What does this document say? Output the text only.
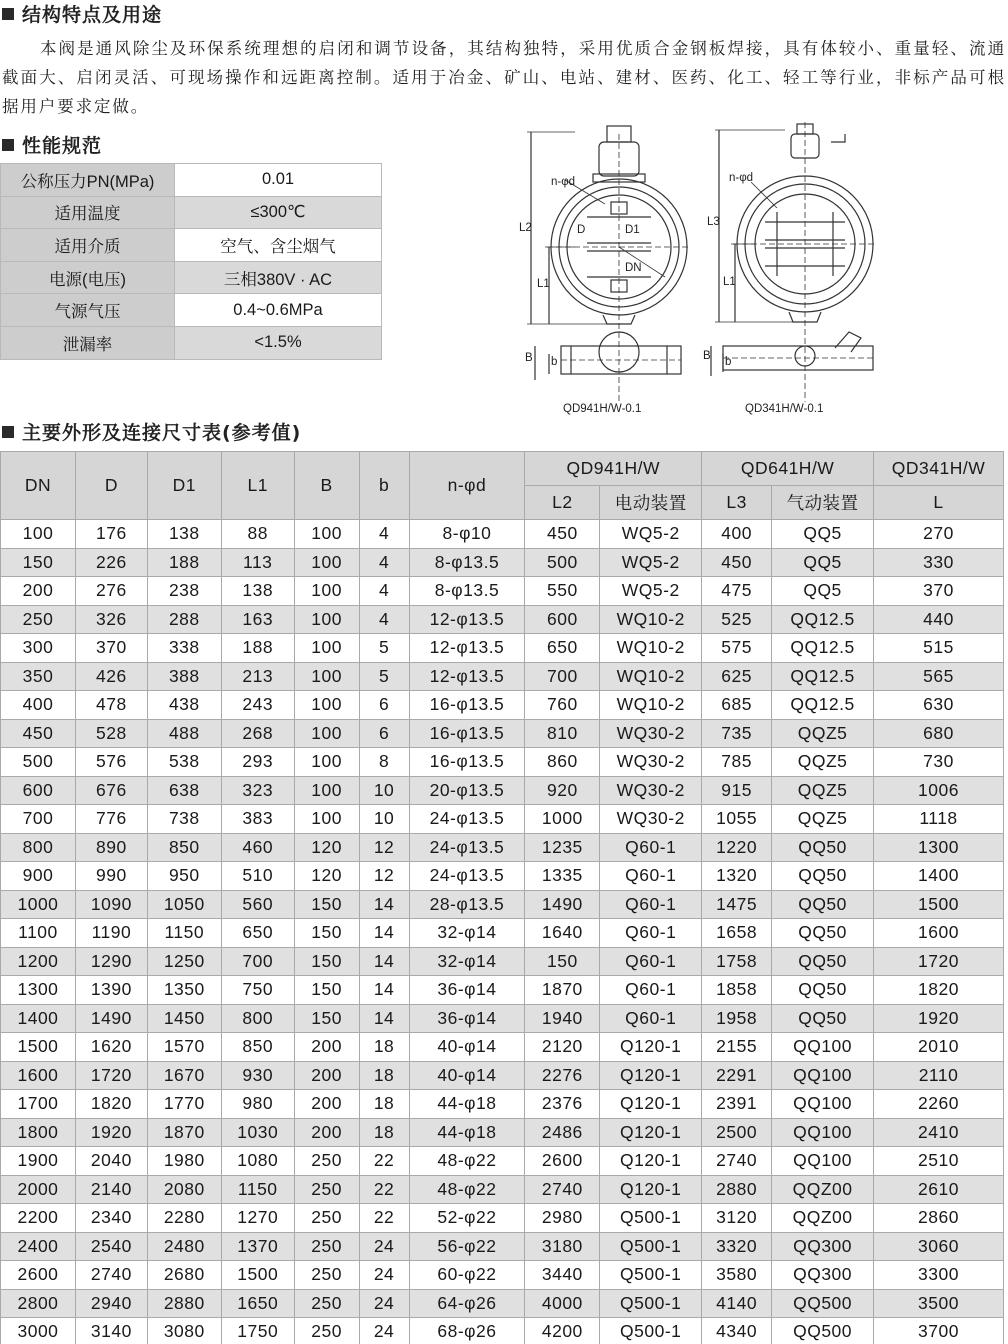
结构特点及用途

本阀是通风除尘及环保系统理想的启闭和调节设备，其结构独特，采用优质合金钢板焊接，具有体较小、重量轻、流通截面大、启闭灵活、可现场操作和远距离控制。适用于冶金、矿山、电站、建材、医药、化工、轻工等行业，非标产品可根据用户要求定做。

性能规范
公称压力PN(MPa)	0.01
适用温度	≤300℃
适用介质	空气、含尘烟气
电源(电压)	三相380V · AC
气源气压	0.4~0.6MPa
泄漏率	<1.5%
n-φd
D	D1
DN
L2
L1
n-φd
L3
L1
B b	B b
QD941H/W-0.1	QD341H/W-0.1
主要外形及连接尺寸表(参考值)
DN	D	D1	L1	B	b	n-φd	QD941H/W		QD641H/W		QD341H/W
							L2	电动装置	L3	气动装置	L
100	176	138	88	100	4	8-φ10	450	WQ5-2	400	QQ5	270
150	226	188	113	100	4	8-φ13.5	500	WQ5-2	450	QQ5	330
200	276	238	138	100	4	8-φ13.5	550	WQ5-2	475	QQ5	370
250	326	288	163	100	4	12-φ13.5	600	WQ10-2	525	QQ12.5	440
300	370	338	188	100	5	12-φ13.5	650	WQ10-2	575	QQ12.5	515
350	426	388	213	100	5	12-φ13.5	700	WQ10-2	625	QQ12.5	565
400	478	438	243	100	6	16-φ13.5	760	WQ10-2	685	QQ12.5	630
450	528	488	268	100	6	16-φ13.5	810	WQ30-2	735	QQZ5	680
500	576	538	293	100	8	16-φ13.5	860	WQ30-2	785	QQZ5	730
600	676	638	323	100	10	20-φ13.5	920	WQ30-2	915	QQZ5	1006
700	776	738	383	100	10	24-φ13.5	1000	WQ30-2	1055	QQZ5	1118
800	890	850	460	120	12	24-φ13.5	1235	Q60-1	1220	QQ50	1300
900	990	950	510	120	12	24-φ13.5	1335	Q60-1	1320	QQ50	1400
1000	1090	1050	560	150	14	28-φ13.5	1490	Q60-1	1475	QQ50	1500
1100	1190	1150	650	150	14	32-φ14	1640	Q60-1	1658	QQ50	1600
1200	1290	1250	700	150	14	32-φ14	150	Q60-1	1758	QQ50	1720
1300	1390	1350	750	150	14	36-φ14	1870	Q60-1	1858	QQ50	1820
1400	1490	1450	800	150	14	36-φ14	1940	Q60-1	1958	QQ50	1920
1500	1620	1570	850	200	18	40-φ14	2120	Q120-1	2155	QQ100	2010
1600	1720	1670	930	200	18	40-φ14	2276	Q120-1	2291	QQ100	2110
1700	1820	1770	980	200	18	44-φ18	2376	Q120-1	2391	QQ100	2260
1800	1920	1870	1030	200	18	44-φ18	2486	Q120-1	2500	QQ100	2410
1900	2040	1980	1080	250	22	48-φ22	2600	Q120-1	2740	QQ100	2510
2000	2140	2080	1150	250	22	48-φ22	2740	Q120-1	2880	QQZ00	2610
2200	2340	2280	1270	250	22	52-φ22	2980	Q500-1	3120	QQZ00	2860
2400	2540	2480	1370	250	24	56-φ22	3180	Q500-1	3320	QQ300	3060
2600	2740	2680	1500	250	24	60-φ22	3440	Q500-1	3580	QQ300	3300
2800	2940	2880	1650	250	24	64-φ26	4000	Q500-1	4140	QQ500	3500
3000	3140	3080	1750	250	24	68-φ26	4200	Q500-1	4340	QQ500	3700
